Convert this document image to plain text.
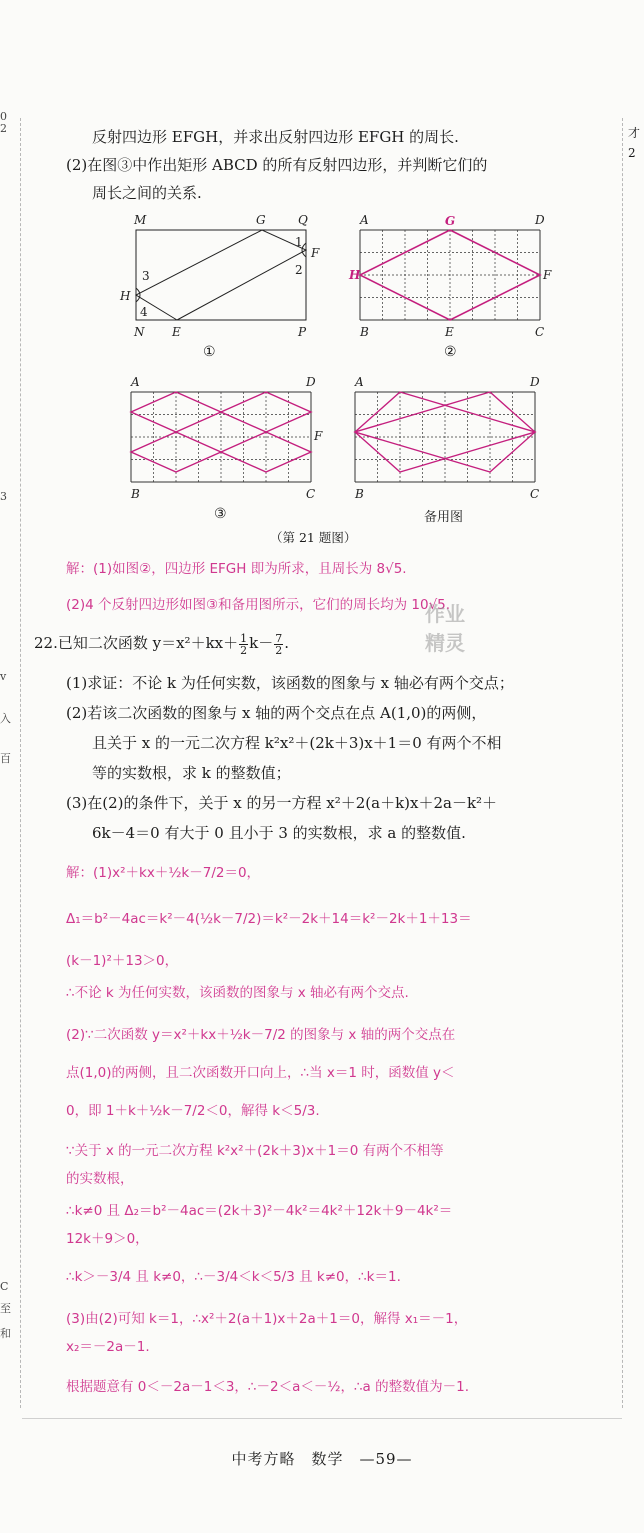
0
2
3
v
入
百
C
至
和
才
2
反射四边形 EFGH，并求出反射四边形 EFGH 的周长.
(2)在图③中作出矩形 ABCD 的所有反射四边形，并判断它们的
周长之间的关系.
M	G	Q
F
H
3
4
1
2
N E	P
①
A	G	D
H	F
B	E	C
②
A	D
F
B	C
③
A	D
B	C
备用图
（第 21 题图）
解：(1)如图②，四边形 EFGH 即为所求，且周长为 8√5.
(2)4 个反射四边形如图③和备用图所示，它们的周长均为 10√5.
作业
精灵
22.已知二次函数 $y=x^2+kx+ \frac{1}{2} k- \frac{7}{2}$ .
(1)求证：不论 k 为任何实数，该函数的图象与 x 轴必有两个交点；
(2)若该二次函数的图象与 x 轴的两个交点在点 A(1,0)的两侧，
且关于 x 的一元二次方程 k²x²＋(2k＋3)x＋1＝0 有两个不相
等的实数根，求 k 的整数值；
(3)在(2)的条件下，关于 x 的另一方程 x²＋2(a＋k)x＋2a－k²＋
6k－4＝0 有大于 0 且小于 3 的实数根，求 a 的整数值.
解：(1)x²＋kx＋½k－7/2＝0，
Δ₁＝b²－4ac＝k²－4(½k－7/2)＝k²－2k＋14＝k²－2k＋1＋13＝
(k－1)²＋13＞0，
∴不论 k 为任何实数，该函数的图象与 x 轴必有两个交点.
(2)∵二次函数 y＝x²＋kx＋½k－7/2 的图象与 x 轴的两个交点在
点(1,0)的两侧，且二次函数开口向上，∴当 x＝1 时，函数值 y＜
0，即 1＋k＋½k－7/2＜0，解得 k＜5/3.
∵关于 x 的一元二次方程 k²x²＋(2k＋3)x＋1＝0 有两个不相等
的实数根，
∴k≠0 且 Δ₂＝b²－4ac＝(2k＋3)²－4k²＝4k²＋12k＋9－4k²＝
12k＋9＞0，
∴k＞－3/4 且 k≠0，∴－3/4＜k＜5/3 且 k≠0，∴k＝1.
(3)由(2)可知 k＝1，∴x²＋2(a＋1)x＋2a＋1＝0，解得 x₁＝－1，
x₂＝－2a－1.
根据题意有 0＜－2a－1＜3，∴－2＜a＜－½，∴a 的整数值为－1.
中考方略　数学　—59—
